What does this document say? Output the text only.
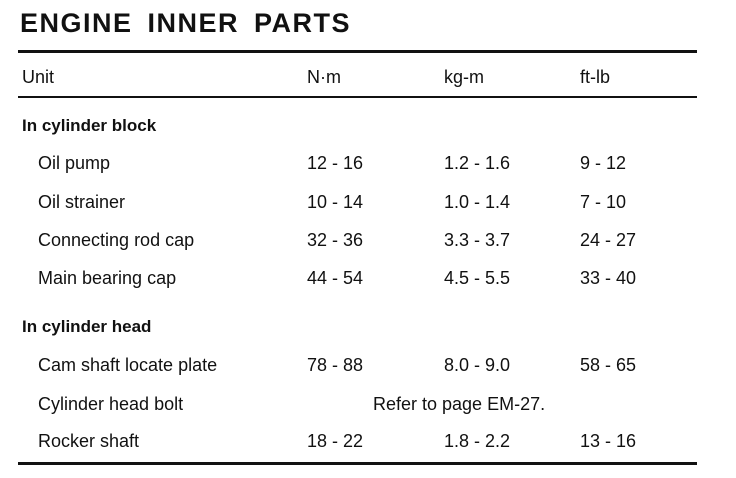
ENGINE INNER PARTS
Unit	N·m	kg-m	ft-lb
In cylinder block
Oil pump	12 - 16	1.2 - 1.6	9 - 12
Oil strainer	10 - 14	1.0 - 1.4	7 - 10
Connecting rod cap	32 - 36	3.3 - 3.7	24 - 27
Main bearing cap	44 - 54	4.5 - 5.5	33 - 40
In cylinder head
Cam shaft locate plate	78 - 88	8.0 - 9.0	58 - 65
Cylinder head bolt	Refer to page EM-27.
Rocker shaft	18 - 22	1.8 - 2.2	13 - 16
